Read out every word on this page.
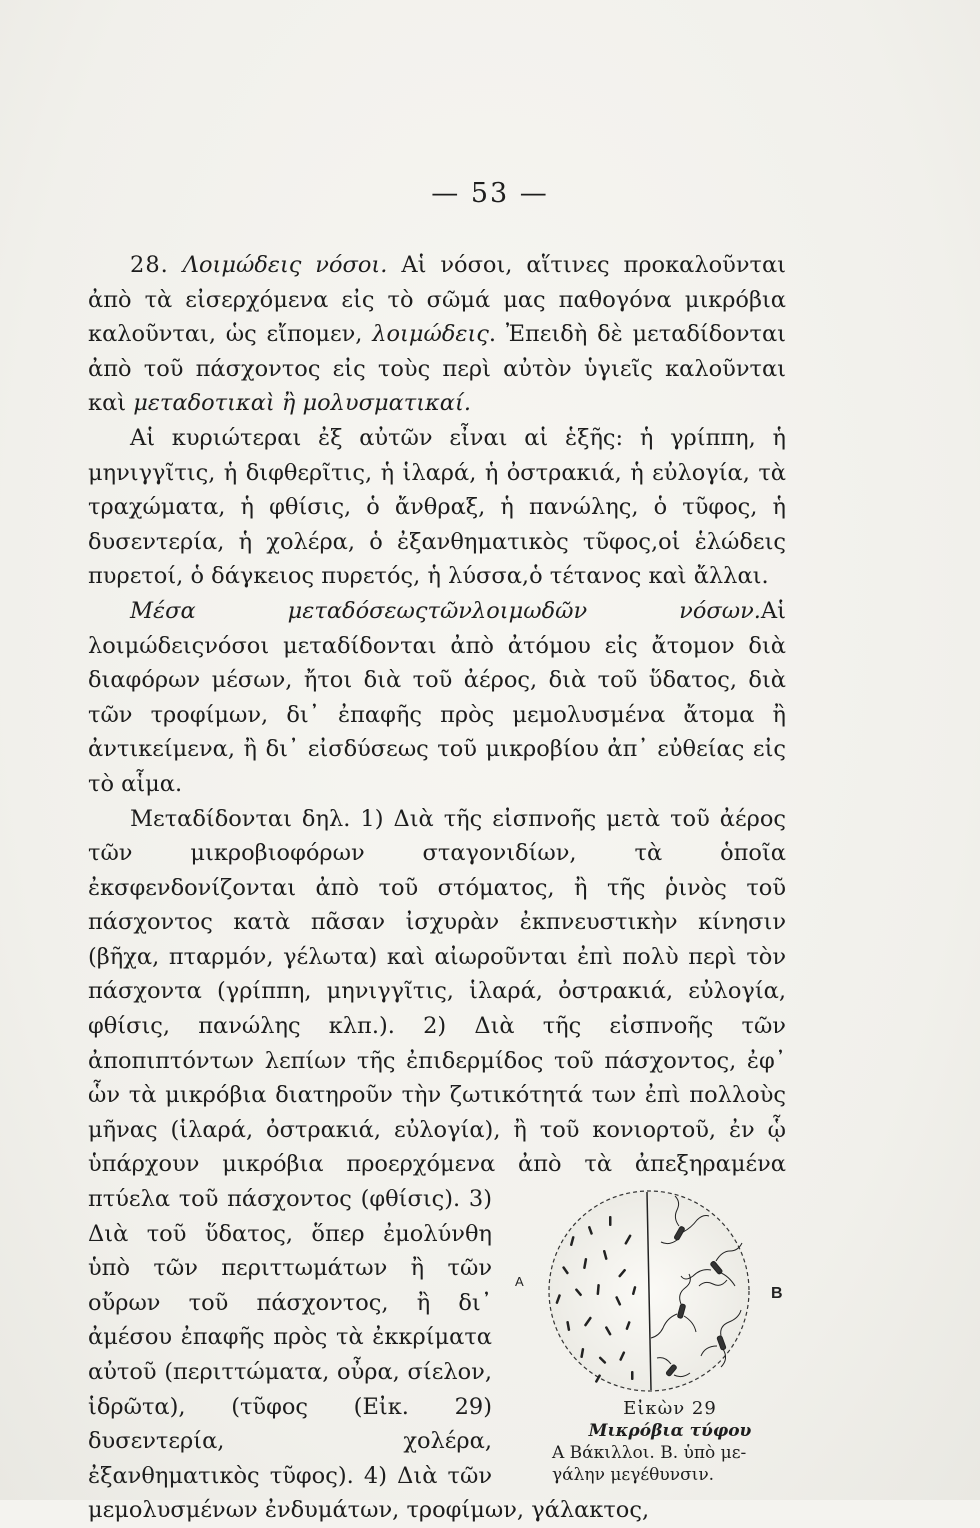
— 53 —

28. Λοιμώδεις νόσοι. Αἱ νόσοι, αἵτινες προκαλοῦνται ἀπὸ τὰ εἰσερχόμενα εἰς τὸ σῶμά μας παθογόνα μικρόβια καλοῦνται, ὡς εἴπομεν, λοιμώδεις. Ἐπειδὴ δὲ μεταδίδονται ἀπὸ τοῦ πάσχοντος εἰς τοὺς περὶ αὐτὸν ὑγιεῖς καλοῦνται καὶ μεταδοτικαὶ ἢ μολυσματικαί.

Αἱ κυριώτεραι ἐξ αὐτῶν εἶναι αἱ ἑξῆς: ἡ γρίππη, ἡ μηνιγγῖτις, ἡ διφθερῖτις, ἡ ἱλαρά, ἡ ὀστρακιά, ἡ εὐλογία, τὰ τραχώματα, ἡ φθίσις, ὁ ἄνθραξ, ἡ πανώλης, ὁ τῦφος, ἡ δυσεντερία, ἡ χολέρα, ὁ ἐξανθηματικὸς τῦφος,οἱ ἑλώδεις πυρετοί, ὁ δάγκειος πυρετός, ἡ λύσσα,ὁ τέτανος καὶ ἄλλαι.

Μέσα μεταδόσεωςτῶνλοιμωδῶν νόσων.Αἱ λοιμώδειςνόσοι μεταδίδονται ἀπὸ ἀτόμου εἰς ἄτομον διὰ διαφόρων μέσων, ἤτοι διὰ τοῦ ἀέρος, διὰ τοῦ ὕδατος, διὰ τῶν τροφίμων, δι᾽ ἐπαφῆς πρὸς μεμολυσμένα ἄτομα ἢ ἀντικείμενα, ἢ δι᾽ εἰσδύσεως τοῦ μικροβίου ἀπ᾽ εὐθείας εἰς τὸ αἷμα.

Μεταδίδονται δηλ. 1) Διὰ τῆς εἰσπνοῆς μετὰ τοῦ ἀέρος τῶν μικροβιοφόρων σταγονιδίων, τὰ ὁποῖα ἐκσφενδονίζονται ἀπὸ τοῦ στόματος, ἢ τῆς ῥινὸς τοῦ πάσχοντος κατὰ πᾶσαν ἰσχυρὰν ἐκπνευστικὴν κίνησιν (βῆχα, πταρμόν, γέλωτα) καὶ αἰωροῦνται ἐπὶ πολὺ περὶ τὸν πάσχοντα (γρίππη, μηνιγγῖτις, ἱλαρά, ὀστρακιά, εὐλογία, φθίσις, πανώλης κλπ.). 2) Διὰ τῆς εἰσπνοῆς τῶν ἀποπιπτόντων λεπίων τῆς ἐπιδερμίδος τοῦ πάσχοντος, ἐφ᾽ ὧν τὰ μικρόβια διατηροῦν τὴν ζωτικότητά των ἐπὶ πολλοὺς μῆνας (ἱλαρά, ὀστρακιά, εὐλογία), ἢ τοῦ κονιορτοῦ, ἐν ᾧ ὑπάρχουν μικρόβια προερχόμενα ἀπὸ τὰ
A
B
Εἰκὼν 29
Μικρόβια τύφου
A Βάκιλλοι. B. ὑπὸ με-
γάλην μεγέθυνσιν.
ἀπεξηραμένα πτύελα τοῦ πάσχοντος (φθίσις). 3) Διὰ τοῦ ὕδατος, ὅπερ ἐμολύνθη ὑπὸ τῶν περιττωμάτων ἢ τῶν οὔρων τοῦ πάσχοντος, ἢ δι᾽ ἀμέσου ἐπαφῆς πρὸς τὰ ἐκκρίματα αὐτοῦ (περιττώματα, οὖρα, σίελον, ἱδρῶτα), (τῦφος (Εἰκ. 29) δυσεντερία, χολέρα, ἐξανθηματικὸς τῦφος). 4) Διὰ τῶν μεμολυσμένων ἐνδυμάτων, τροφίμων, γάλακτος,
